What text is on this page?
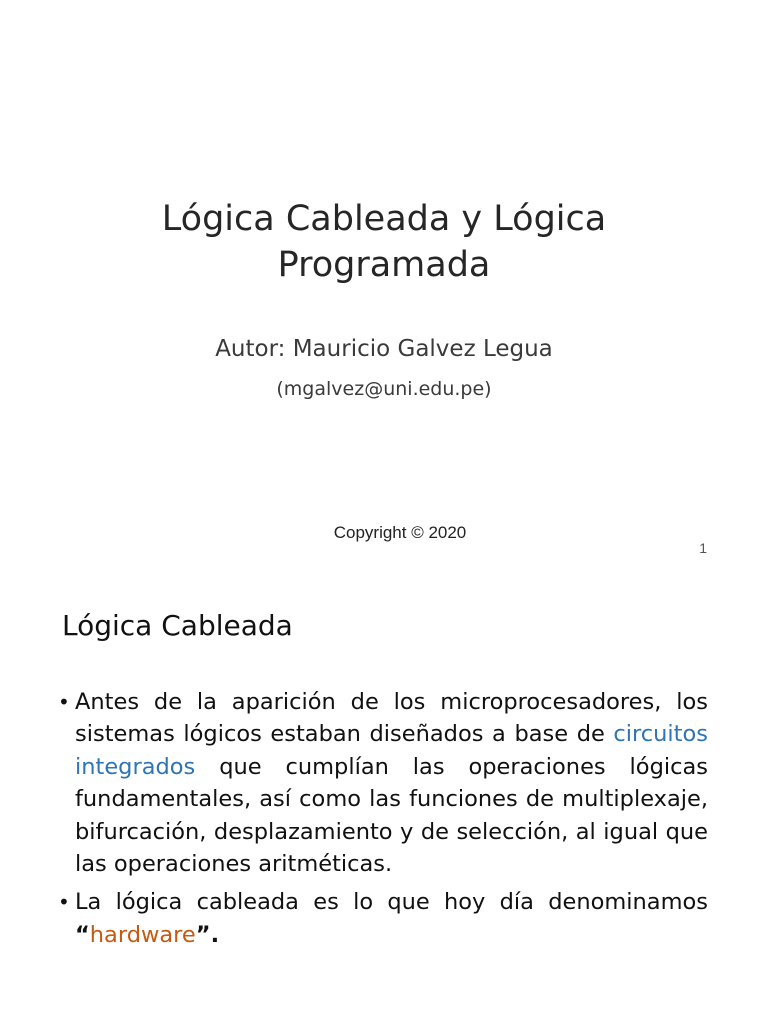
Lógica Cableada y Lógica
Programada
Autor: Mauricio Galvez Legua
(mgalvez@uni.edu.pe)
Copyright © 2020
1
Lógica Cableada
• Antes de la aparición de los microprocesadores, los sistemas lógicos estaban diseñados a base de circuitos integrados que cumplían las operaciones lógicas fundamentales, así como las funciones de multiplexaje, bifurcación, desplazamiento y de selección, al igual que las operaciones aritméticas.
• La lógica cableada es lo que hoy día denominamos “hardware”.
